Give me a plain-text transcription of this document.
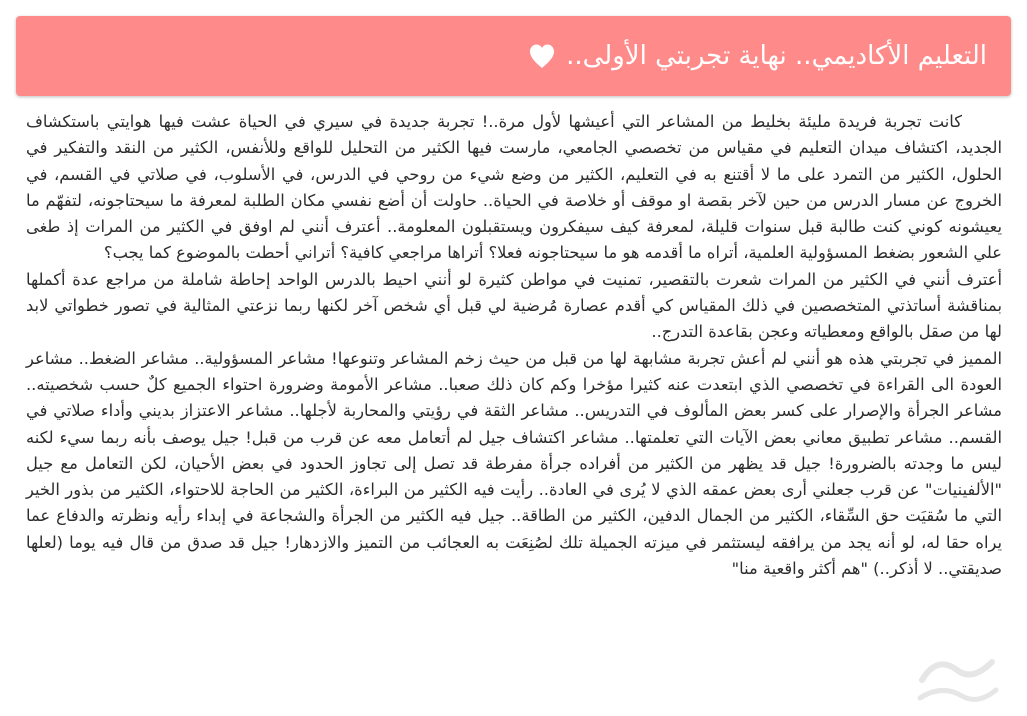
التعليم الأكاديمي.. نهاية تجربتي الأولى..

كانت تجربة فريدة مليئة بخليط من المشاعر التي أعيشها لأول مرة..! تجربة جديدة في سيري في الحياة عشت فيها هوايتي باستكشاف الجديد، اكتشاف ميدان التعليم في مقياس من تخصصي الجامعي، مارست فيها الكثير من التحليل للواقع وللأنفس، الكثير من النقد والتفكير في الحلول، الكثير من التمرد على ما لا أقتنع به في التعليم، الكثير من وضع شيء من روحي في الدرس، في الأسلوب، في صلاتي في القسم، في الخروج عن مسار الدرس من حين لآخر بقصة او موقف أو خلاصة في الحياة.. حاولت أن أضع نفسي مكان الطلبة لمعرفة ما سيحتاجونه، لتفهّم ما يعيشونه كوني كنت طالبة قبل سنوات قليلة، لمعرفة كيف سيفكرون ويستقبلون المعلومة.. أعترف أنني لم اوفق في الكثير من المرات إذ طغى علي الشعور بضغط المسؤولية العلمية، أتراه ما أقدمه هو ما سيحتاجونه فعلا؟ أتراها مراجعي كافية؟ أتراني أحطت بالموضوع كما يجب؟

أعترف أنني في الكثير من المرات شعرت بالتقصير، تمنيت في مواطن كثيرة لو أنني احيط بالدرس الواحد إحاطة شاملة من مراجع عدة أكملها بمناقشة أساتذتي المتخصصين في ذلك المقياس كي أقدم عصارة مُرضية لي قبل أي شخص آخر لكنها ربما نزعتي المثالية في تصور خطواتي لابد لها من صقل بالواقع ومعطياته وعجن بقاعدة التدرج..

المميز في تجربتي هذه هو أنني لم أعش تجربة مشابهة لها من قبل من حيث زخم المشاعر وتنوعها! مشاعر المسؤولية.. مشاعر الضغط.. مشاعر العودة الى القراءة في تخصصي الذي ابتعدت عنه كثيرا مؤخرا وكم كان ذلك صعبا.. مشاعر الأمومة وضرورة احتواء الجميع كلٌ حسب شخصيته.. مشاعر الجرأة والإصرار على كسر بعض المألوف في التدريس.. مشاعر الثقة في رؤيتي والمحاربة لأجلها.. مشاعر الاعتزاز بديني وأداء صلاتي في القسم.. مشاعر تطبيق معاني بعض الآيات التي تعلمتها.. مشاعر اكتشاف جيل لم أتعامل معه عن قرب من قبل! جيل يوصف بأنه ربما سيء لكنه ليس ما وجدته بالضرورة! جيل قد يظهر من الكثير من أفراده جرأة مفرطة قد تصل إلى تجاوز الحدود في بعض الأحيان، لكن التعامل مع جيل "الألفينيات" عن قرب جعلني أرى بعض عمقه الذي لا يُرى في العادة.. رأيت فيه الكثير من البراءة، الكثير من الحاجة للاحتواء، الكثير من بذور الخير التي ما سُقيَت حق السِّقاء، الكثير من الجمال الدفين، الكثير من الطاقة.. جيل فيه الكثير من الجرأة والشجاعة في إبداء رأيه ونظرته والدفاع عما يراه حقا له، لو أنه يجد من يرافقه ليستثمر في ميزته الجميلة تلك لصُنِعَت به العجائب من التميز والازدهار! جيل قد صدق من قال فيه يوما (لعلها صديقتي.. لا أذكر..) "هم أكثر واقعية منا"
